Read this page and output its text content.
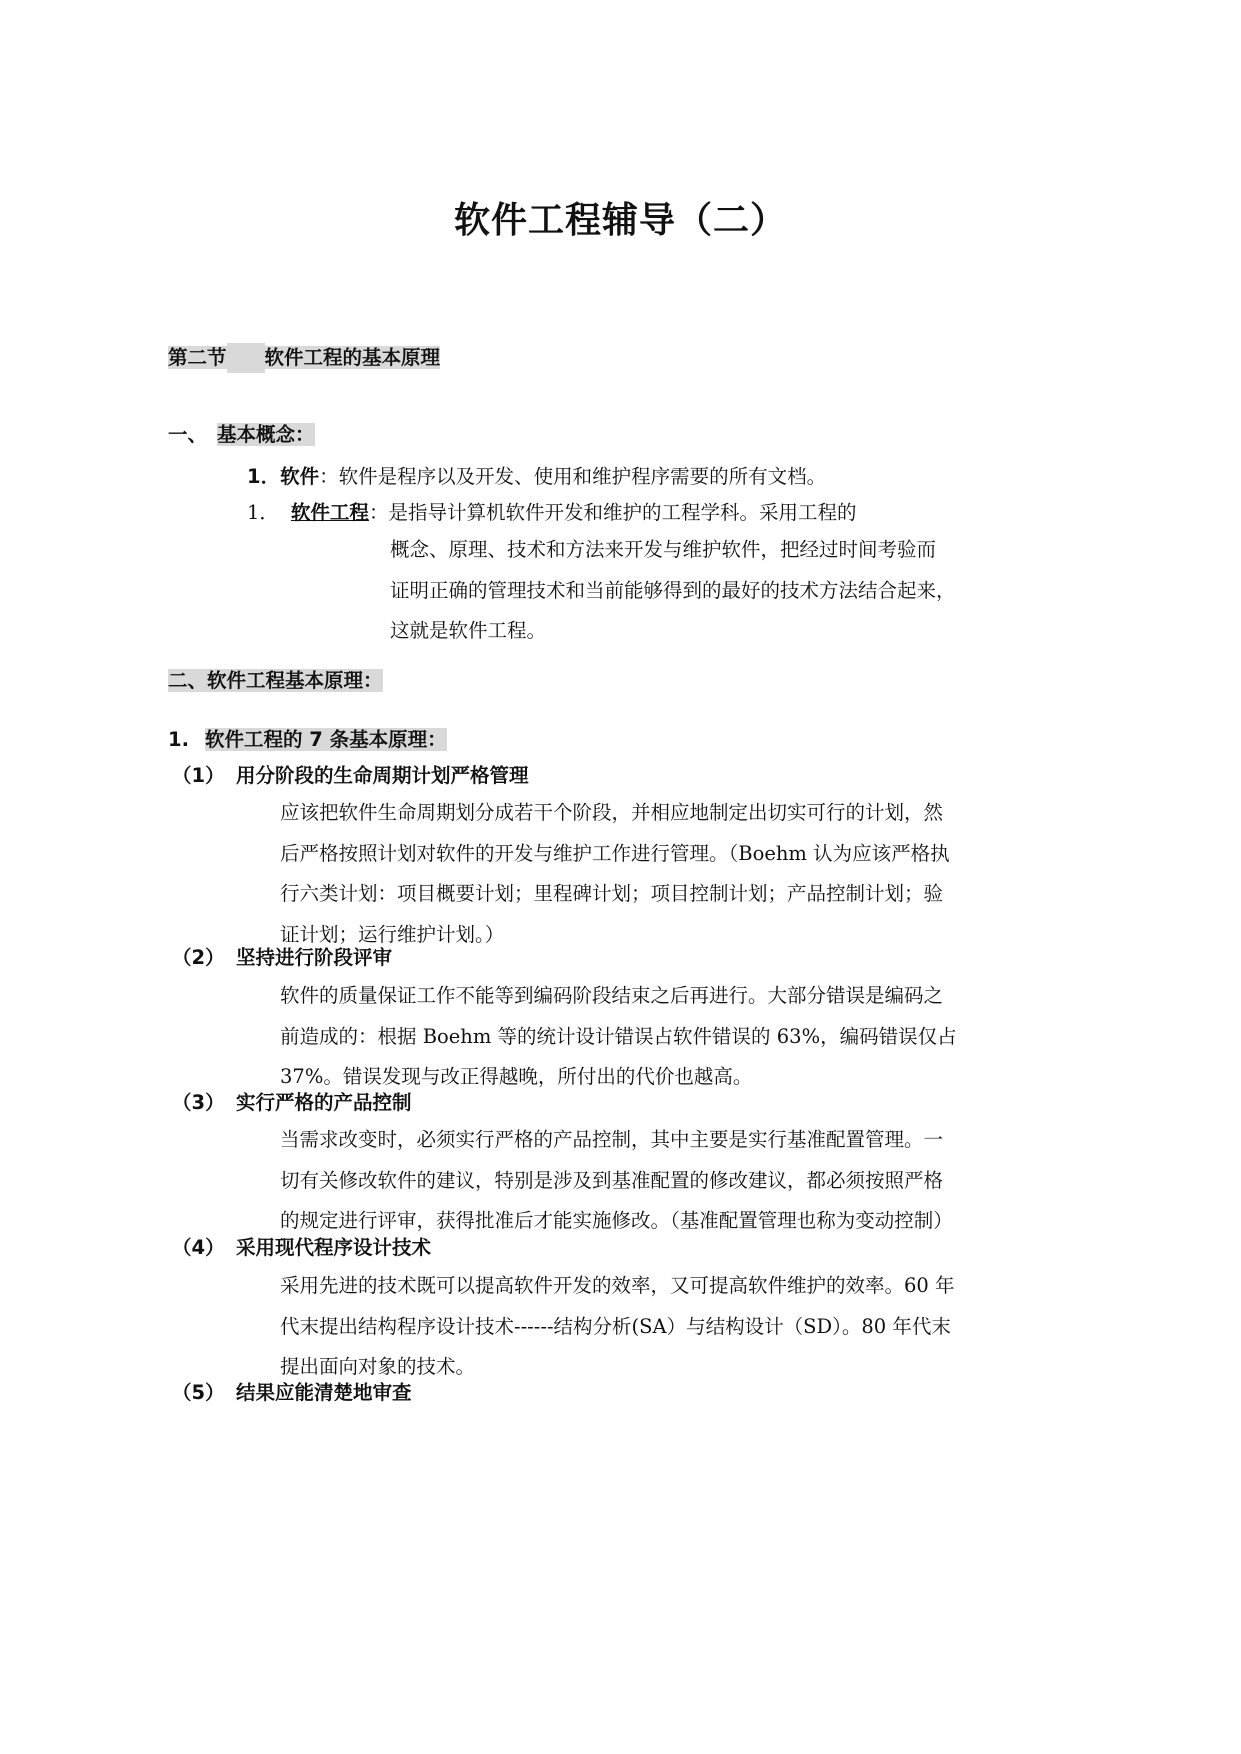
软件工程辅导（二）
第二节 软件工程的基本原理
一、 基本概念：
1．软件：软件是程序以及开发、使用和维护程序需要的所有文档。
1． 软件工程：是指导计算机软件开发和维护的工程学科。采用工程的
概念、原理、技术和方法来开发与维护软件，把经过时间考验而
证明正确的管理技术和当前能够得到的最好的技术方法结合起来，
这就是软件工程。
二、软件工程基本原理：
1. 软件工程的 7 条基本原理：
（1） 用分阶段的生命周期计划严格管理
应该把软件生命周期划分成若干个阶段，并相应地制定出切实可行的计划，然
后严格按照计划对软件的开发与维护工作进行管理。（Boehm 认为应该严格执
行六类计划：项目概要计划；里程碑计划；项目控制计划；产品控制计划；验
证计划；运行维护计划。）
（2） 坚持进行阶段评审
软件的质量保证工作不能等到编码阶段结束之后再进行。大部分错误是编码之
前造成的：根据 Boehm 等的统计设计错误占软件错误的 63%，编码错误仅占
37%。错误发现与改正得越晚，所付出的代价也越高。
（3） 实行严格的产品控制
当需求改变时，必须实行严格的产品控制，其中主要是实行基准配置管理。一
切有关修改软件的建议，特别是涉及到基准配置的修改建议，都必须按照严格
的规定进行评审，获得批准后才能实施修改。（基准配置管理也称为变动控制）
（4） 采用现代程序设计技术
采用先进的技术既可以提高软件开发的效率，又可提高软件维护的效率。60 年
代末提出结构程序设计技术------结构分析(SA）与结构设计（SD）。80 年代末
提出面向对象的技术。
（5） 结果应能清楚地审查
